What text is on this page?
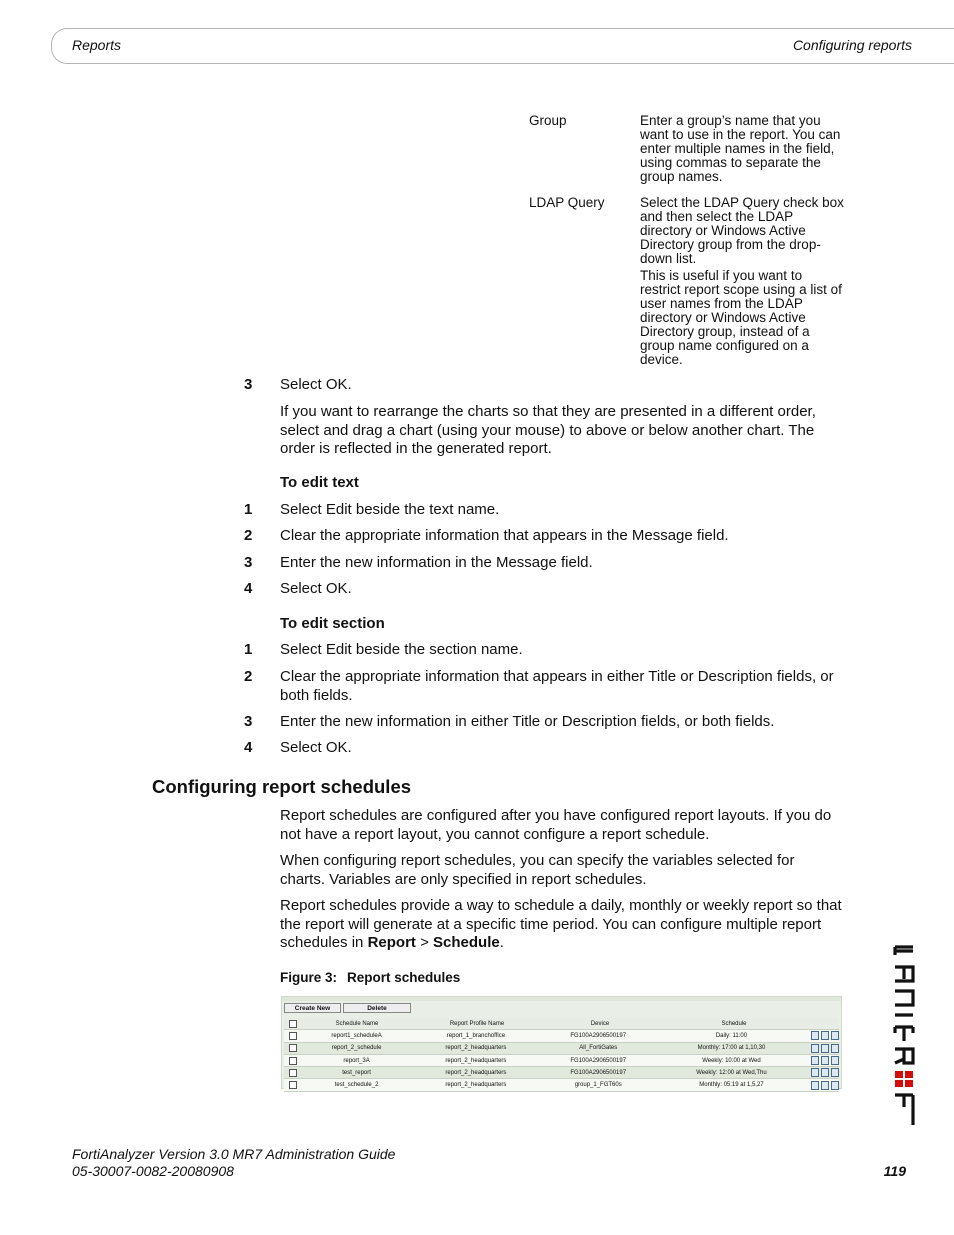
Reports	Configuring reports
Group	Enter a group’s name that you want to use in the report. You can enter multiple names in the field, using commas to separate the group names.

LDAP Query	Select the LDAP Query check box and then select the LDAP directory or Windows Active Directory group from the drop-down list.

This is useful if you want to restrict report scope using a list of user names from the LDAP directory or Windows Active Directory group, instead of a group name configured on a device.

3 Select OK.
If you want to rearrange the charts so that they are presented in a different order, select and drag a chart (using your mouse) to above or below another chart. The order is reflected in the generated report.
To edit text
1 Select Edit beside the text name.
2 Clear the appropriate information that appears in the Message field.
3 Enter the new information in the Message field.
4 Select OK.
To edit section
1 Select Edit beside the section name.
2 Clear the appropriate information that appears in either Title or Description fields, or both fields.
3 Enter the new information in either Title or Description fields, or both fields.
4 Select OK.
Configuring report schedules
Report schedules are configured after you have configured report layouts. If you do not have a report layout, you cannot configure a report schedule.
When configuring report schedules, you can specify the variables selected for charts. Variables are only specified in report schedules.
Report schedules provide a way to schedule a daily, monthly or weekly report so that the report will generate at a specific time period. You can configure multiple report schedules in Report > Schedule.
Figure 3: Report schedules
Create New	Delete
Schedule Name	Report Profile Name	Device	Schedule
report1_scheduleA	report_1_branchoffice	FG100A2906500197	Daily: 11:00
report_2_schedule	report_2_headquarters	All_FortiGates	Monthly: 17:00 at 1,10,30
report_3A	report_2_headquarters	FG100A2906500197	Weekly: 10:00 at Wed
test_report	report_2_headquarters	FG100A2906500197	Weekly: 12:00 at Wed,Thu
test_schedule_2	report_2_headquarters	group_1_FGT60s	Monthly: 05:19 at 1,5,27
FortiAnalyzer Version 3.0 MR7 Administration Guide
05-30007-0082-20080908	119
